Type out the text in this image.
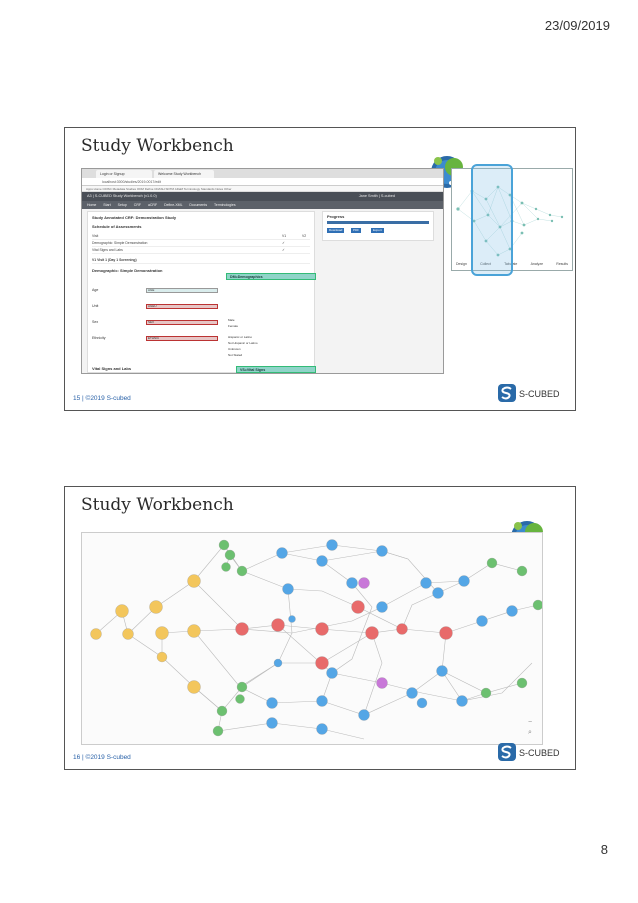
23/09/2019
Study Workbench
Login or Signup	Welcome Study Workbench
localhost:3000/studies/2019-0017/edit
Apps Home CDISC Metadata Studies ODM Define CDASH SDTM ADaM Terminology Standards Notes Other
A3 | S-CUBED Study Workbench (v1.0.0)	Jane Smith | S-cubed
Home Start Setup CRF aCRF Define-XML Documents Terminologies
Study Annotated CRF: Demonstration Study
Schedule of Assessments
Visit	V1	V2
Demographic: Simple Demonstration	✓
Vital Signs and Labs	✓
V1 Visit 1 (Day 1 Screening)
Demographic: Simple Demonstration
DM=Demographics
Age	AGE
Unit	AGEU
Sex	SEX	Male
Female
Ethnicity	ETHNIC	Hispanic or Latino
Not Hispanic or Latino
Unknown
Not Stated
Vital Signs and Labs	VS=Vital Signs
Progress
Download	PDF	Export
Design	Collect	Tabulate	Analyze	Results
15 | ©2019 S-cubed	S-CUBED
Study Workbench
−
⌕
16 | ©2019 S-cubed	S-CUBED
8
